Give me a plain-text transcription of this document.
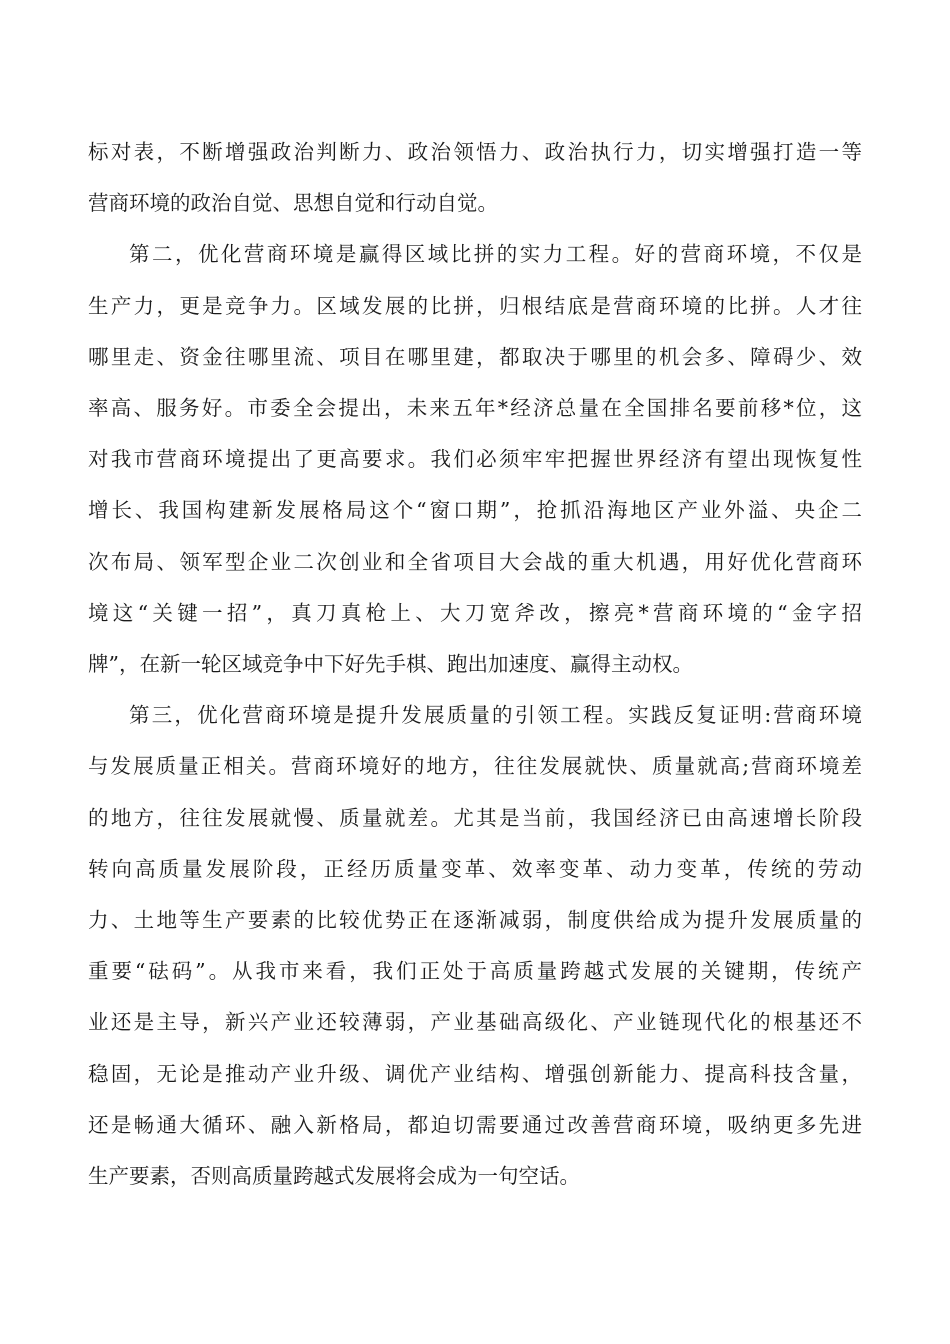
标对表，不断增强政治判断力、政治领悟力、政治执行力，切实增强打造一等
营商环境的政治自觉、思想自觉和行动自觉。
第二，优化营商环境是赢得区域比拼的实力工程。好的营商环境，不仅是
生产力，更是竞争力。区域发展的比拼，归根结底是营商环境的比拼。人才往
哪里走、资金往哪里流、项目在哪里建，都取决于哪里的机会多、障碍少、效
率高、服务好。市委全会提出，未来五年*经济总量在全国排名要前移*位，这
对我市营商环境提出了更高要求。我们必须牢牢把握世界经济有望出现恢复性
增长、我国构建新发展格局这个“窗口期”，抢抓沿海地区产业外溢、央企二
次布局、领军型企业二次创业和全省项目大会战的重大机遇，用好优化营商环
境这“关键一招”，真刀真枪上、大刀宽斧改，擦亮*营商环境的“金字招
牌”，在新一轮区域竞争中下好先手棋、跑出加速度、赢得主动权。
第三，优化营商环境是提升发展质量的引领工程。实践反复证明:营商环境
与发展质量正相关。营商环境好的地方，往往发展就快、质量就高;营商环境差
的地方，往往发展就慢、质量就差。尤其是当前，我国经济已由高速增长阶段
转向高质量发展阶段，正经历质量变革、效率变革、动力变革，传统的劳动
力、土地等生产要素的比较优势正在逐渐减弱，制度供给成为提升发展质量的
重要“砝码”。从我市来看，我们正处于高质量跨越式发展的关键期，传统产
业还是主导，新兴产业还较薄弱，产业基础高级化、产业链现代化的根基还不
稳固，无论是推动产业升级、调优产业结构、增强创新能力、提高科技含量，
还是畅通大循环、融入新格局，都迫切需要通过改善营商环境，吸纳更多先进
生产要素，否则高质量跨越式发展将会成为一句空话。
